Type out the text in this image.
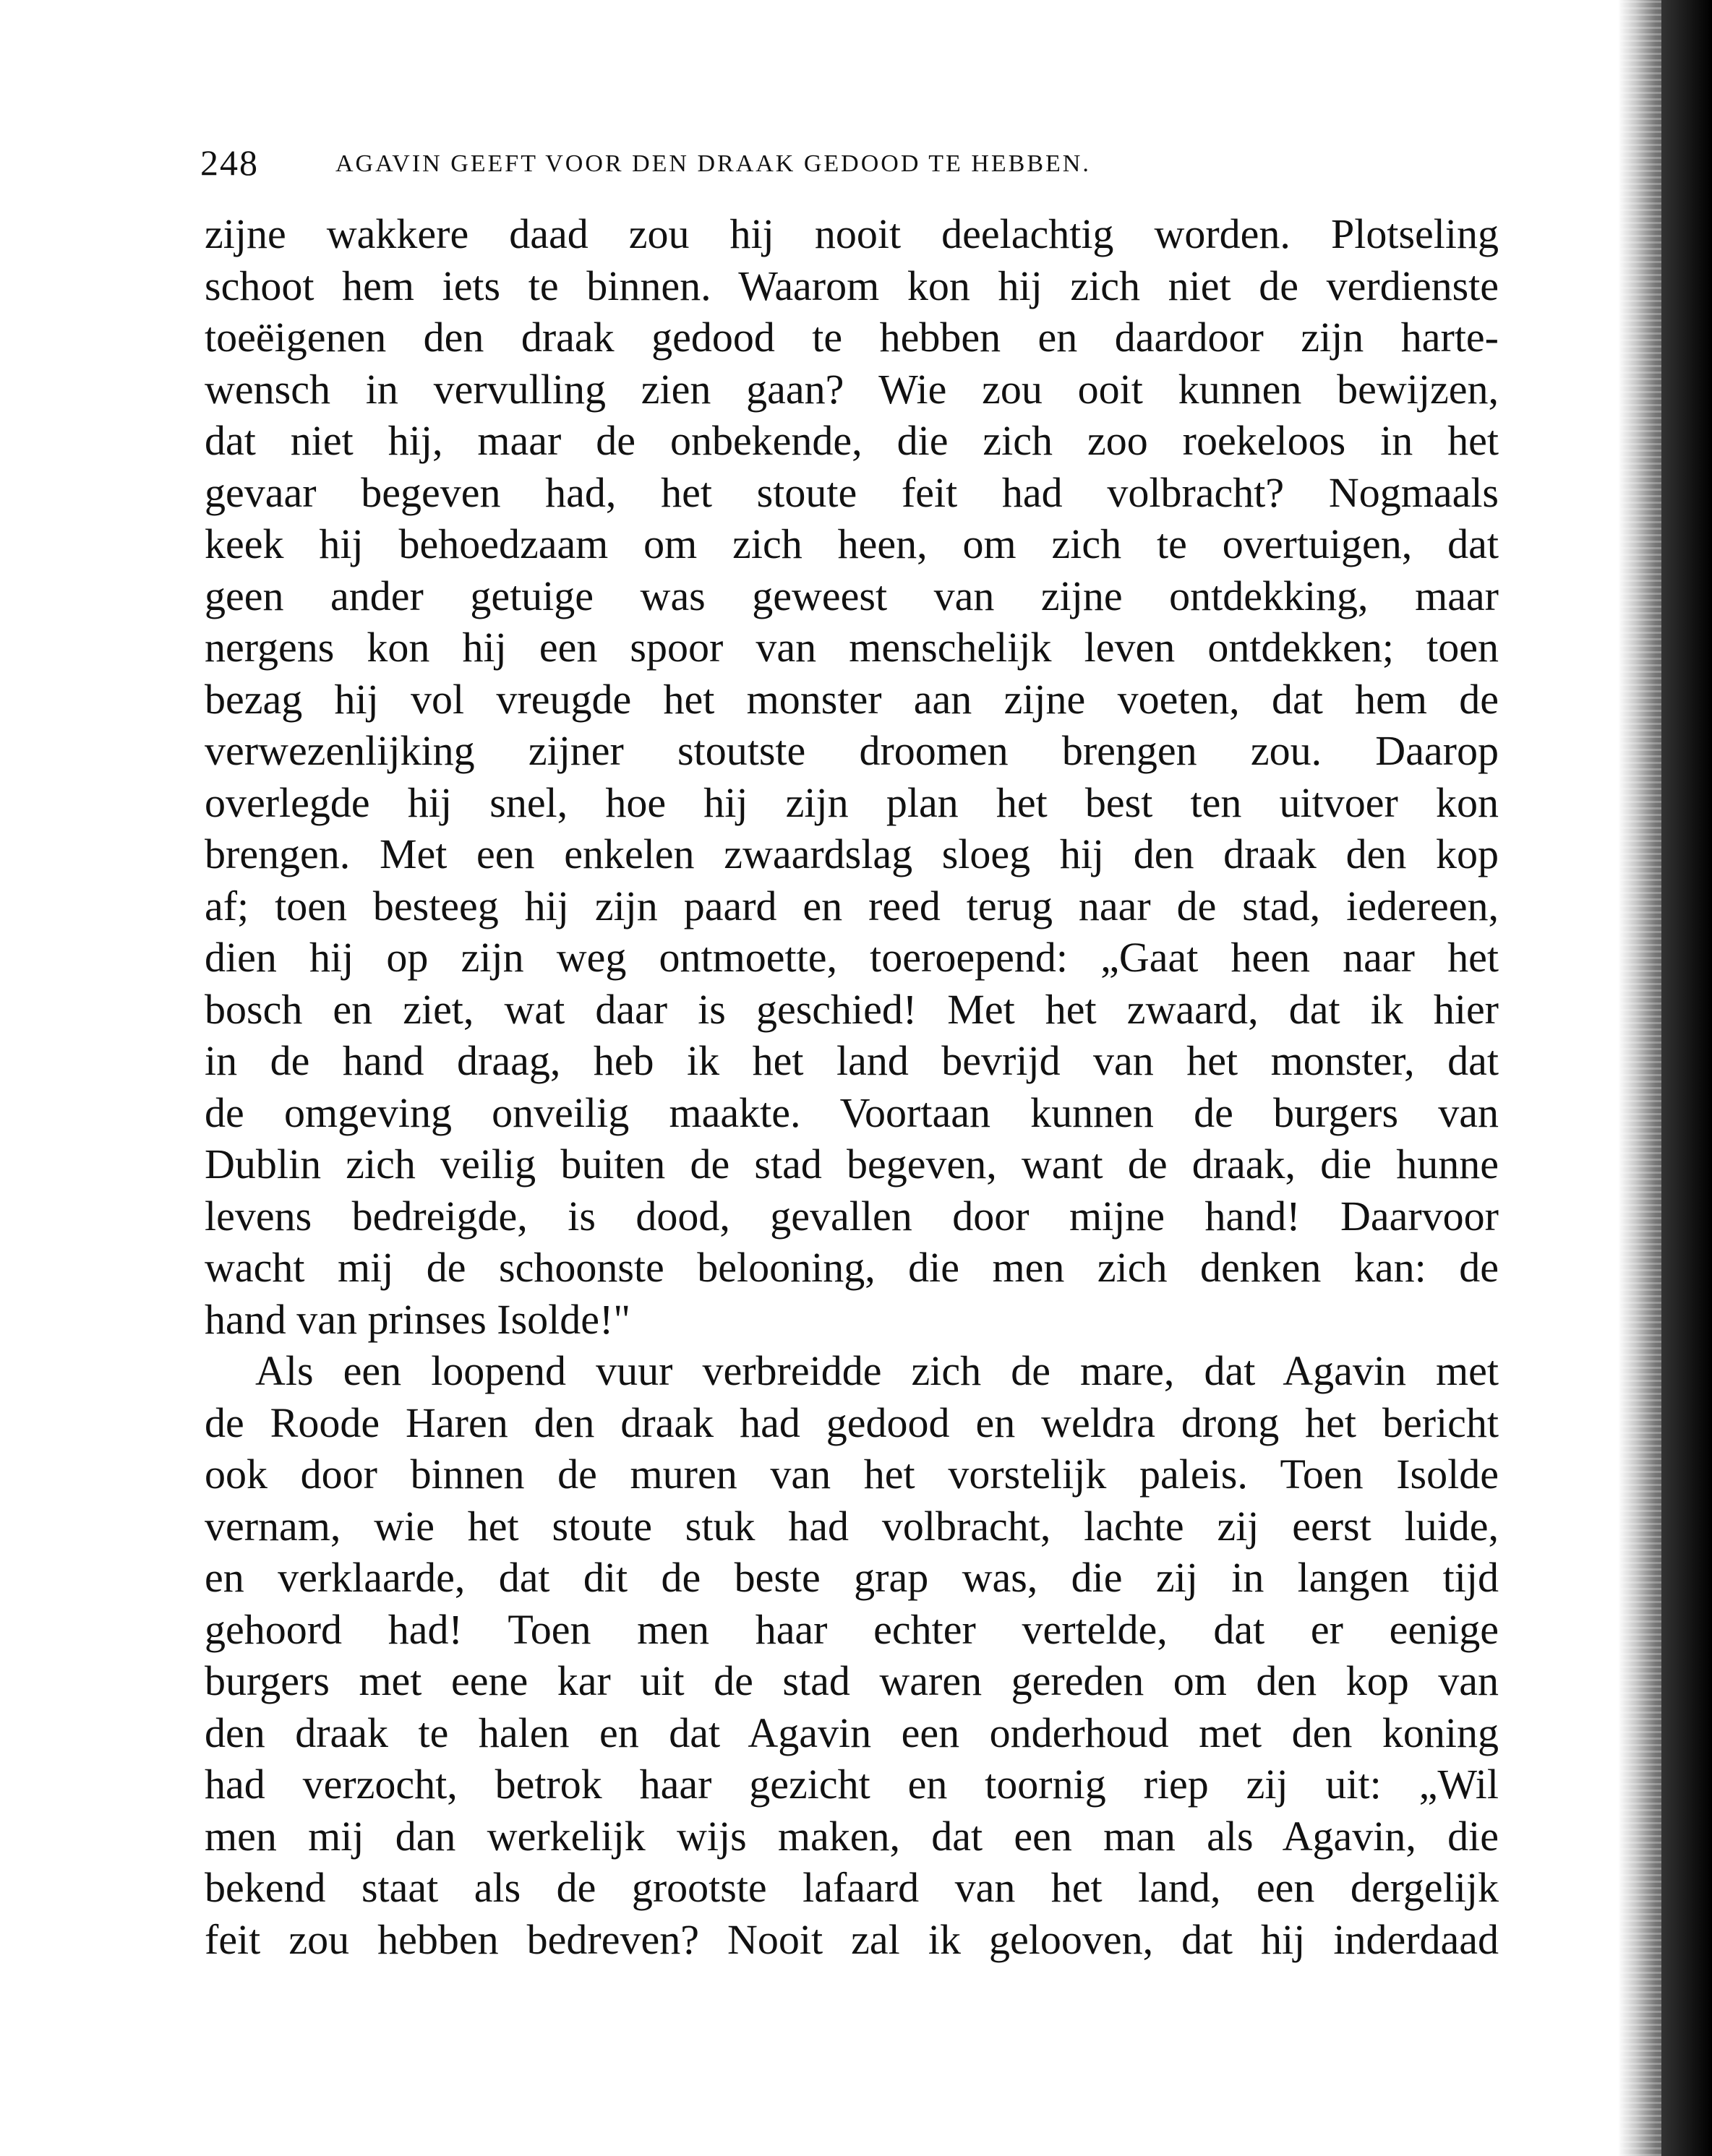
248	AGAVIN GEEFT VOOR DEN DRAAK GEDOOD TE HEBBEN.
zijne wakkere daad zou hij nooit deelachtig worden. Plotseling
schoot hem iets te binnen. Waarom kon hij zich niet de verdienste
toeëigenen den draak gedood te hebben en daardoor zijn harte-
wensch in vervulling zien gaan? Wie zou ooit kunnen bewijzen,
dat niet hij, maar de onbekende, die zich zoo roekeloos in het
gevaar begeven had, het stoute feit had volbracht? Nogmaals
keek hij behoedzaam om zich heen, om zich te overtuigen, dat
geen ander getuige was geweest van zijne ontdekking, maar
nergens kon hij een spoor van menschelijk leven ontdekken; toen
bezag hij vol vreugde het monster aan zijne voeten, dat hem de
verwezenlijking zijner stoutste droomen brengen zou. Daarop
overlegde hij snel, hoe hij zijn plan het best ten uitvoer kon
brengen. Met een enkelen zwaardslag sloeg hij den draak den kop
af; toen besteeg hij zijn paard en reed terug naar de stad, iedereen,
dien hij op zijn weg ontmoette, toeroepend: „Gaat heen naar het
bosch en ziet, wat daar is geschied! Met het zwaard, dat ik hier
in de hand draag, heb ik het land bevrijd van het monster, dat
de omgeving onveilig maakte. Voortaan kunnen de burgers van
Dublin zich veilig buiten de stad begeven, want de draak, die hunne
levens bedreigde, is dood, gevallen door mijne hand! Daarvoor
wacht mij de schoonste belooning, die men zich denken kan: de
hand van prinses Isolde!"
Als een loopend vuur verbreidde zich de mare, dat Agavin met
de Roode Haren den draak had gedood en weldra drong het bericht
ook door binnen de muren van het vorstelijk paleis. Toen Isolde
vernam, wie het stoute stuk had volbracht, lachte zij eerst luide,
en verklaarde, dat dit de beste grap was, die zij in langen tijd
gehoord had! Toen men haar echter vertelde, dat er eenige
burgers met eene kar uit de stad waren gereden om den kop van
den draak te halen en dat Agavin een onderhoud met den koning
had verzocht, betrok haar gezicht en toornig riep zij uit: „Wil
men mij dan werkelijk wijs maken, dat een man als Agavin, die
bekend staat als de grootste lafaard van het land, een dergelijk
feit zou hebben bedreven? Nooit zal ik gelooven, dat hij inderdaad
